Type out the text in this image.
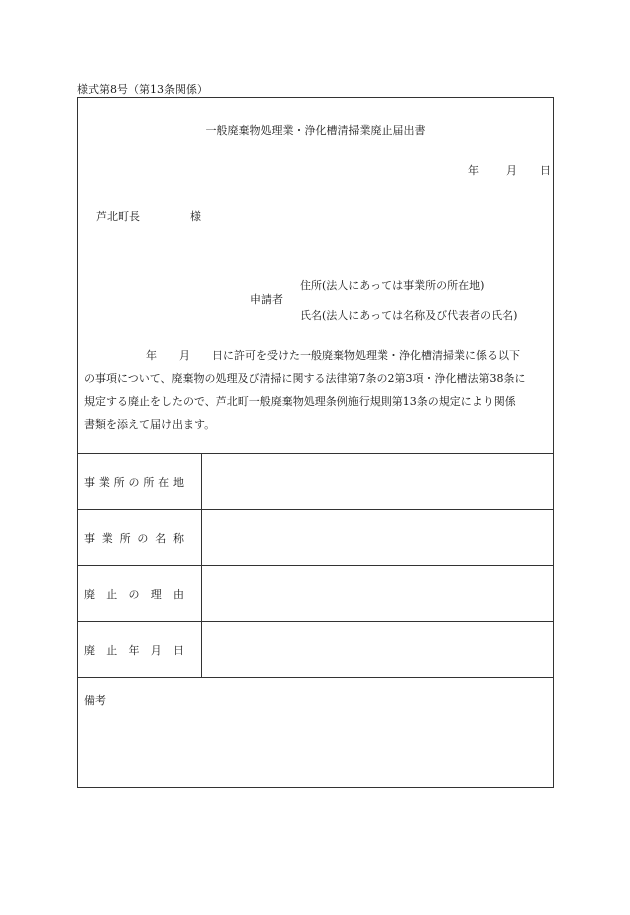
様式第8号（第13条関係）
一般廃棄物処理業・浄化槽清掃業廃止届出書
年 月 日
芦北町長	様
住所(法人にあっては事業所の所在地)
申請者
氏名(法人にあっては名称及び代表者の氏名)
年 月 日に許可を受けた一般廃棄物処理業・浄化槽清掃業に係る以下
の事項について、廃棄物の処理及び清掃に関する法律第7条の2第3項・浄化槽法第38条に
規定する廃止をしたので、芦北町一般廃棄物処理条例施行規則第13条の規定により関係
書類を添えて届け出ます。
事業所の所在地	
事業所の名称	
廃止の理由	
廃止年月日	
備考	
